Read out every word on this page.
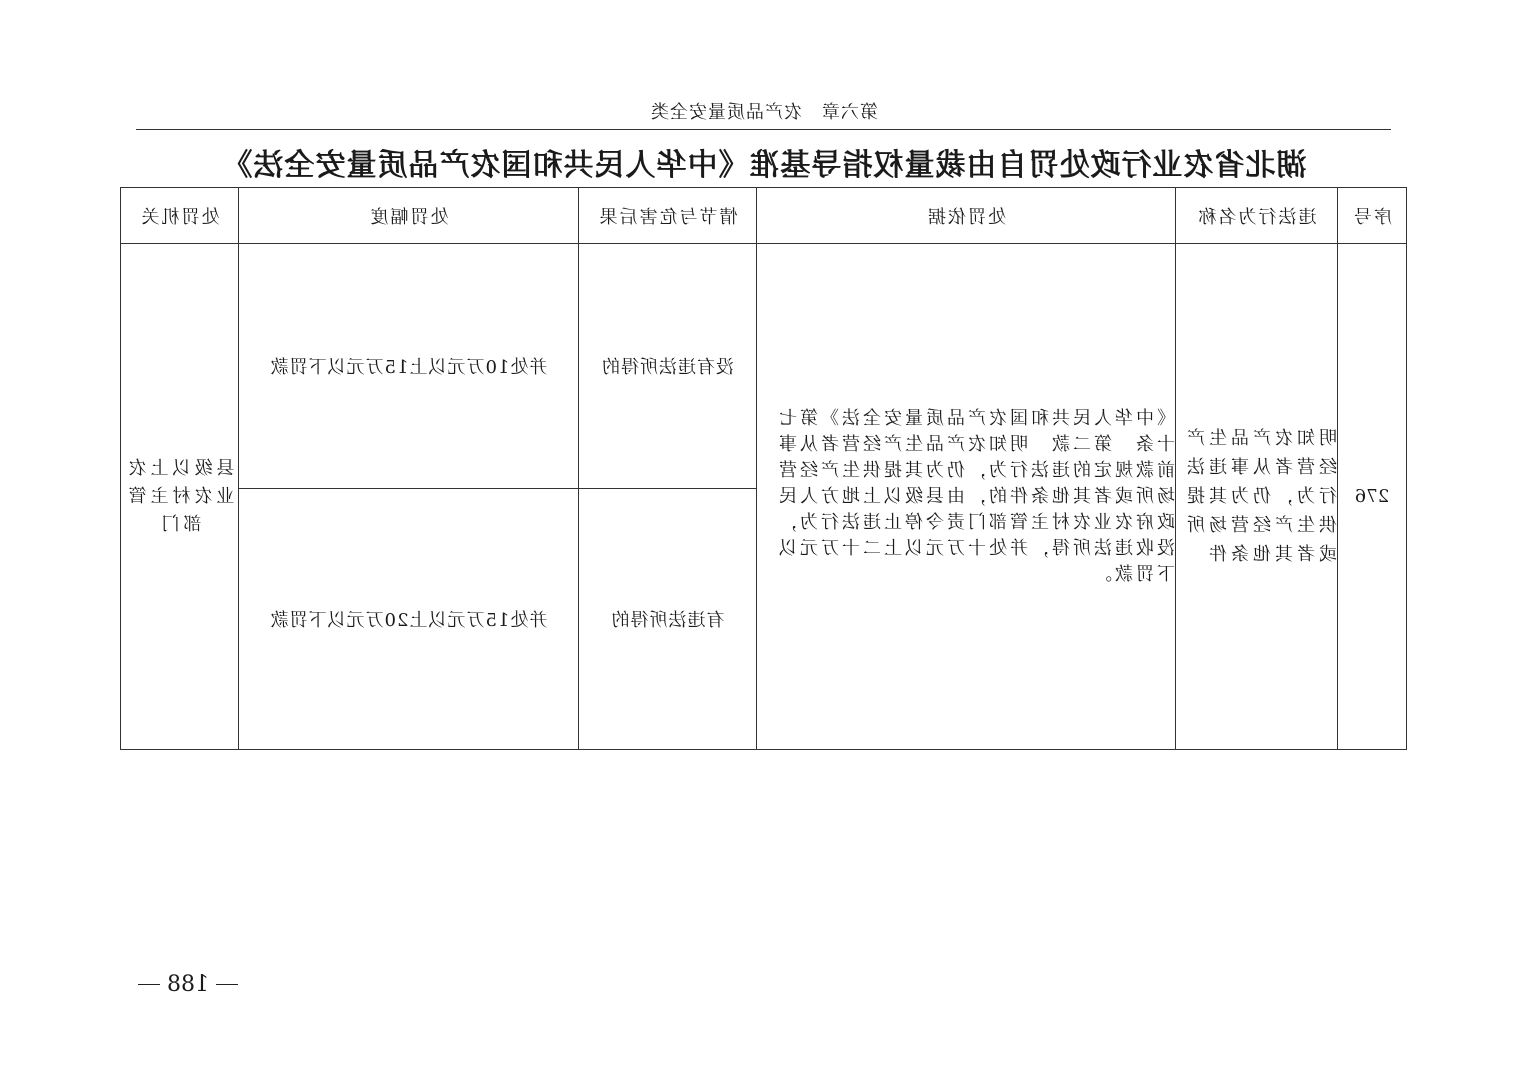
第六章　农产品质量安全类
湖北省农业行政处罚自由裁量权指导基准《中华人民共和国农产品质量安全法》
序号	违法行为名称	处罚依据	情节与危害后果	处罚幅度	处罚机关
276	明知农产品生产经营者从事违法行为，仍为其提供生产经营场所或者其他条件	《中华人民共和国农产品质量安全法》第七十条　第二款　明知农产品生产经营者从事前款规定的违法行为，仍为其提供生产经营场所或者其他条件的，由县级以上地方人民政府农业农村主管部门责令停止违法行为，没收违法所得，并处十万元以上二十万元以下罚款。	没有违法所得的	并处10万元以上15万元以下罚款	县级以上农业农村主管部门
			有违法所得的	并处15万元以上20万元以下罚款	
188
